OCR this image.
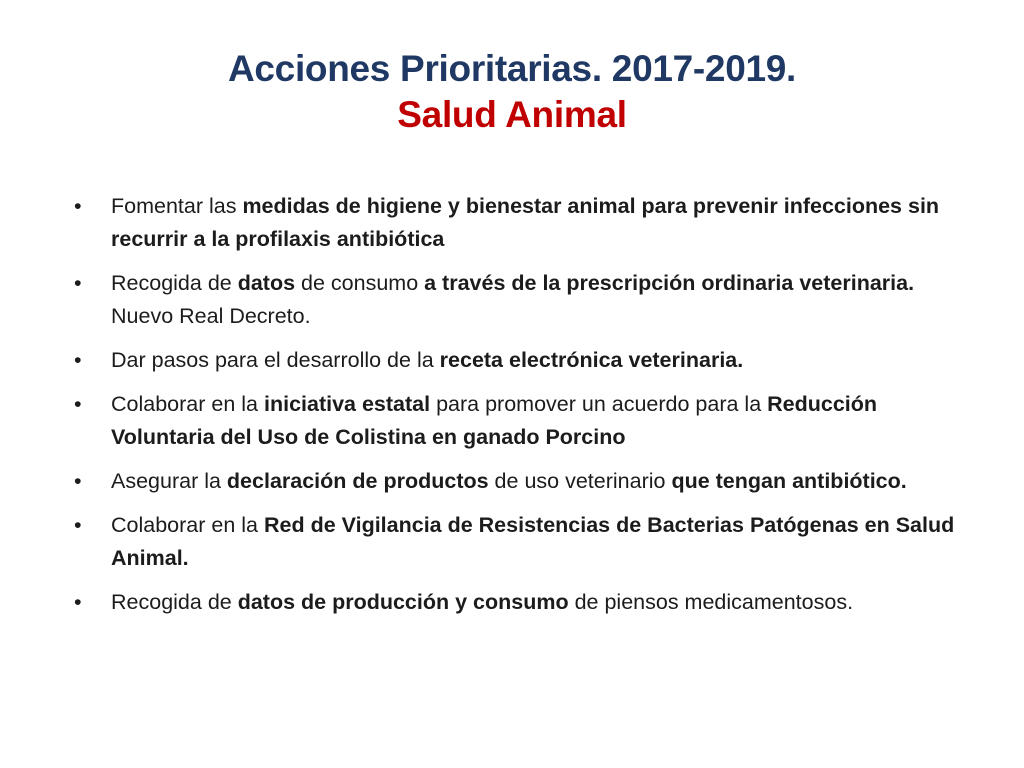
Acciones Prioritarias. 2017-2019.
Salud Animal
• Fomentar las medidas de higiene y bienestar animal para prevenir infecciones sin recurrir a la profilaxis antibiótica
• Recogida de datos de consumo a través de la prescripción ordinaria veterinaria. Nuevo Real Decreto.
• Dar pasos para el desarrollo de la receta electrónica veterinaria.
• Colaborar en la iniciativa estatal para promover un acuerdo para la Reducción Voluntaria del Uso de Colistina en ganado Porcino
• Asegurar la declaración de productos de uso veterinario que tengan antibiótico.
• Colaborar en la Red de Vigilancia de Resistencias de Bacterias Patógenas en Salud Animal.
• Recogida de datos de producción y consumo de piensos medicamentosos.
